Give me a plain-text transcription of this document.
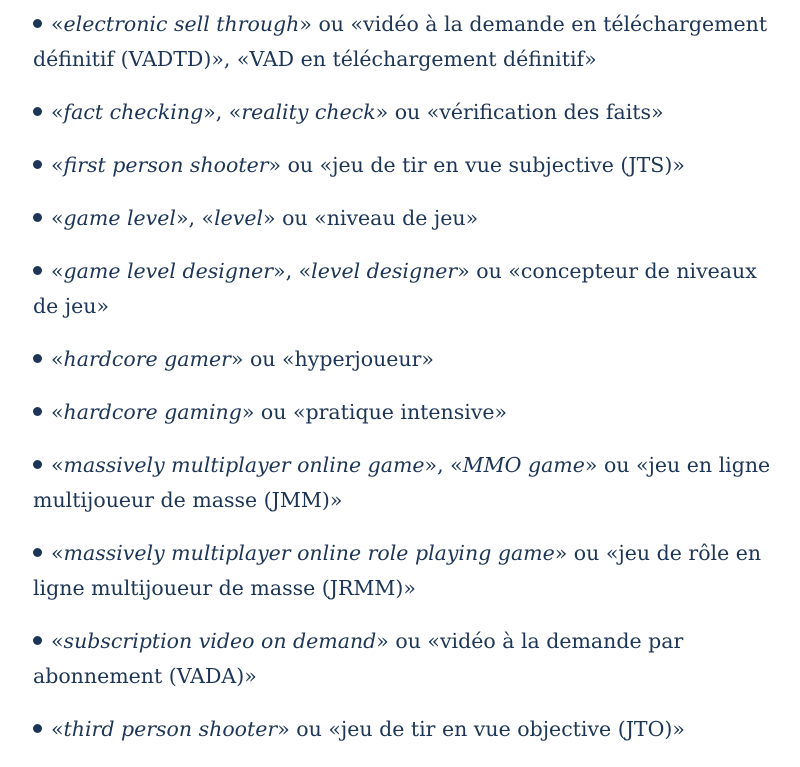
«electronic sell through» ou «vidéo à la demande en téléchargement définitif (VADTD)», «VAD en téléchargement définitif»
«fact checking», «reality check» ou «vérification des faits»
«first person shooter» ou «jeu de tir en vue subjective (JTS)»
«game level», «level» ou «niveau de jeu»
«game level designer», «level designer» ou «concepteur de niveaux de jeu»
«hardcore gamer» ou «hyperjoueur»
«hardcore gaming» ou «pratique intensive»
«massively multiplayer online game», «MMO game» ou «jeu en ligne multijoueur de masse (JMM)»
«massively multiplayer online role playing game» ou «jeu de rôle en ligne multijoueur de masse (JRMM)»
«subscription video on demand» ou «vidéo à la demande par abonnement (VADA)»
«third person shooter» ou «jeu de tir en vue objective (JTO)»
